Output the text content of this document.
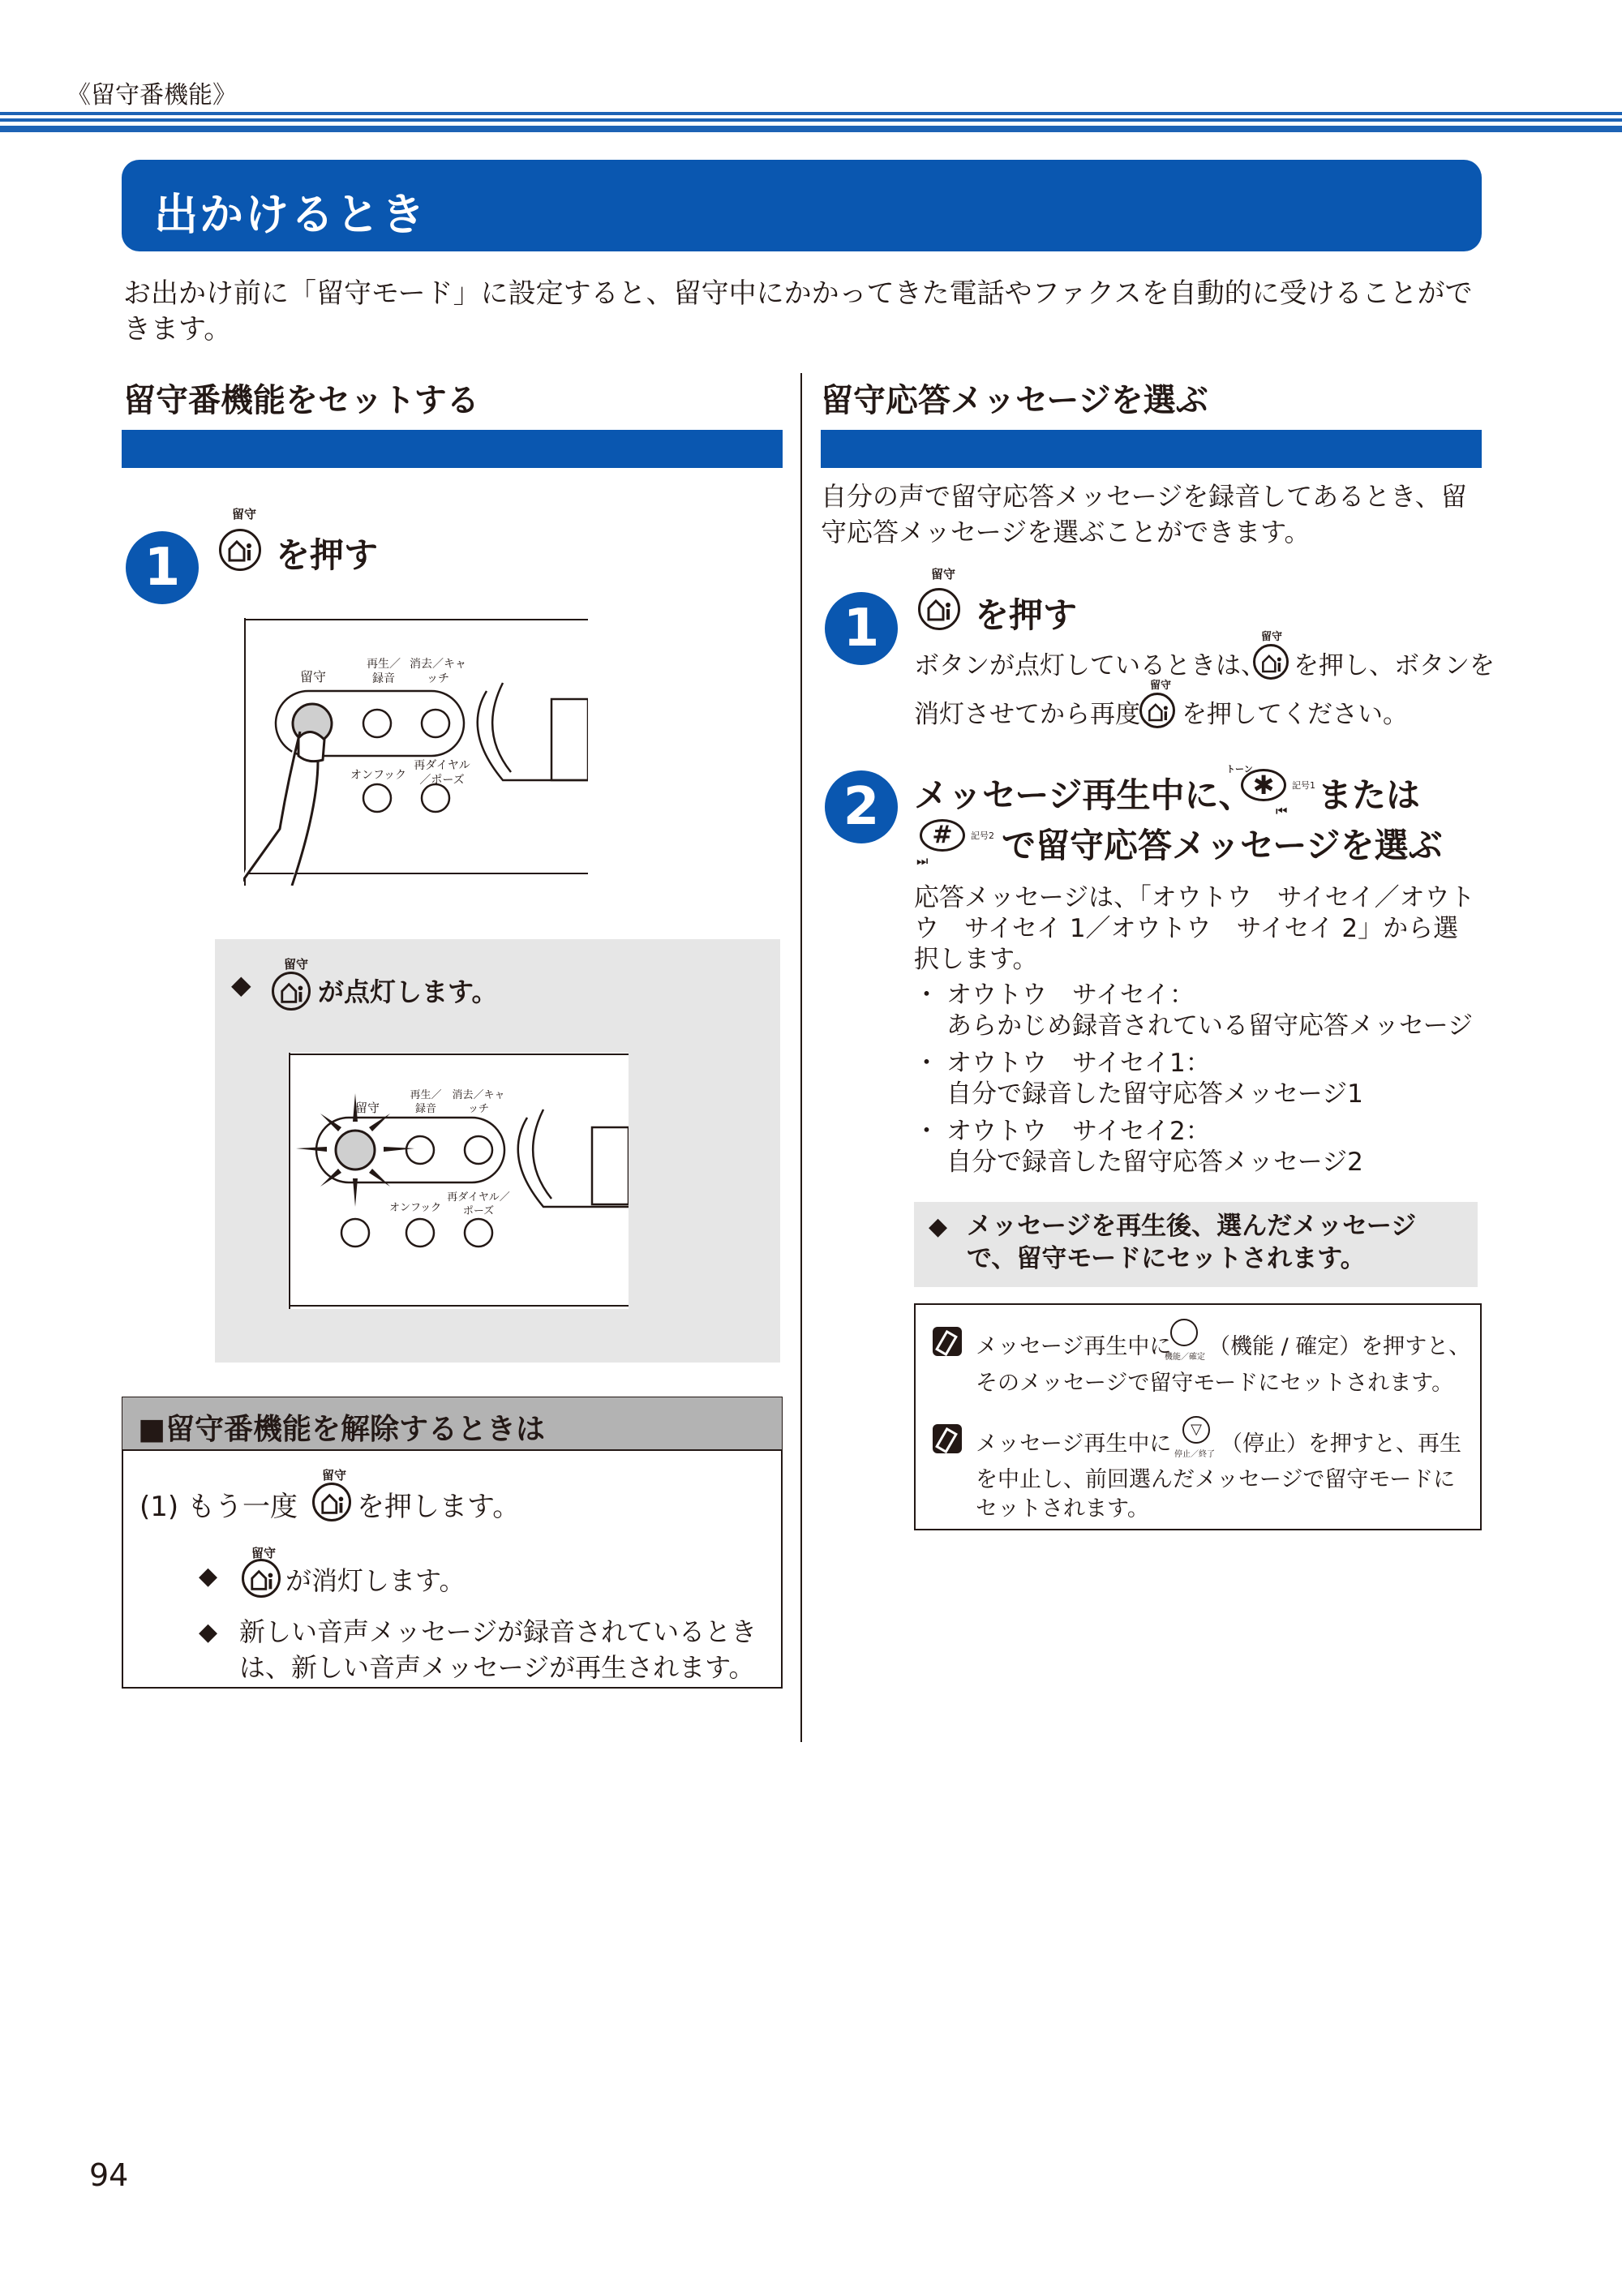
《留守番機能》
出かけるとき
お出かけ前に「留守モード」に設定すると、留守中にかかってきた電話やファクスを自動的に受けることができます。
留守番機能をセットする
1
留守
を押す
留守
再生／録音
消去／キャッチ
オンフック
再ダイヤル／ポーズ
◆
留守
が点灯します。
留守
再生／録音
消去／キャッチ
オンフック
再ダイヤル／ポーズ
■留守番機能を解除するときは
(1) もう一度
留守
を押します。
◆
留守
が消灯します。
◆ 新しい音声メッセージが録音されているときは、新しい音声メッセージが再生されます。
留守応答メッセージを選ぶ
自分の声で留守応答メッセージを録音してあるとき、留守応答メッセージを選ぶことができます。
1
留守
を押す
ボタンが点灯しているときは、
留守
を押し、ボタンを
消灯させてから再度
留守
を押してください。
2	メッセージ再生中に、
トーン
✱
⏮
記号1 または
#
⏭
記号2 で留守応答メッセージを選ぶ
応答メッセージは、「オウトウ　サイセイ／オウトウ　サイセイ 1／オウトウ　サイセイ 2」から選択します。
・ オウトウ　サイセイ：
あらかじめ録音されている留守応答メッセージ
・ オウトウ　サイセイ1：
自分で録音した留守応答メッセージ1
・ オウトウ　サイセイ2：
自分で録音した留守応答メッセージ2
◆ メッセージを再生後、選んだメッセージで、留守モードにセットされます。
メッセージ再生中に
機能／確定 （機能 / 確定）を押すと、
そのメッセージで留守モードにセットされます。
メッセージ再生中に
▽
停止／終了 （停止）を押すと、再生
を中止し、前回選んだメッセージで留守モードに
セットされます。
94
